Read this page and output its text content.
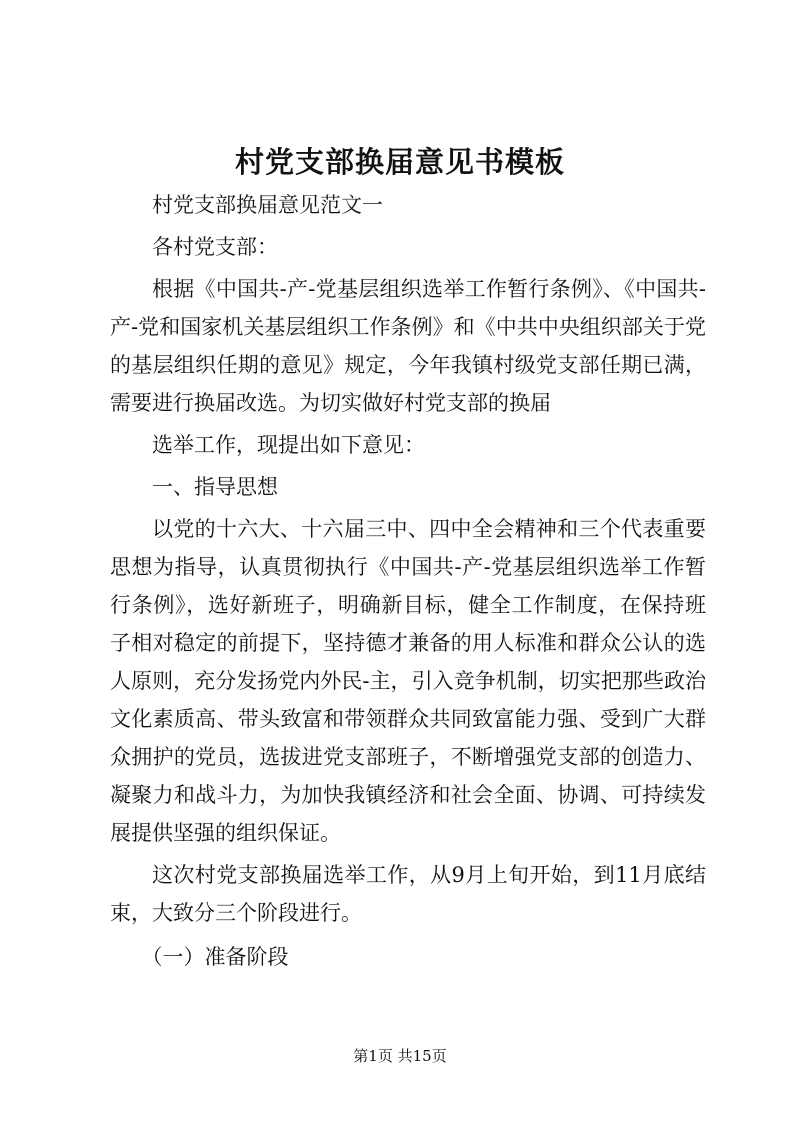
村党支部换届意见书模板

村党支部换届意见范文一

各村党支部：

根据《中国共-产-党基层组织选举工作暂行条例》、《中国共-产-党和国家机关基层组织工作条例》和《中共中央组织部关于党的基层组织任期的意见》规定，今年我镇村级党支部任期已满，需要进行换届改选。为切实做好村党支部的换届

选举工作，现提出如下意见：

一、指导思想

以党的十六大、十六届三中、四中全会精神和三个代表重要思想为指导，认真贯彻执行《中国共-产-党基层组织选举工作暂行条例》，选好新班子，明确新目标，健全工作制度，在保持班子相对稳定的前提下，坚持德才兼备的用人标准和群众公认的选人原则，充分发扬党内外民-主，引入竞争机制，切实把那些政治文化素质高、带头致富和带领群众共同致富能力强、受到广大群众拥护的党员，选拔进党支部班子，不断增强党支部的创造力、凝聚力和战斗力，为加快我镇经济和社会全面、协调、可持续发展提供坚强的组织保证。

这次村党支部换届选举工作，从9月上旬开始，到11月底结束，大致分三个阶段进行。

（一）准备阶段

第1页 共15页
